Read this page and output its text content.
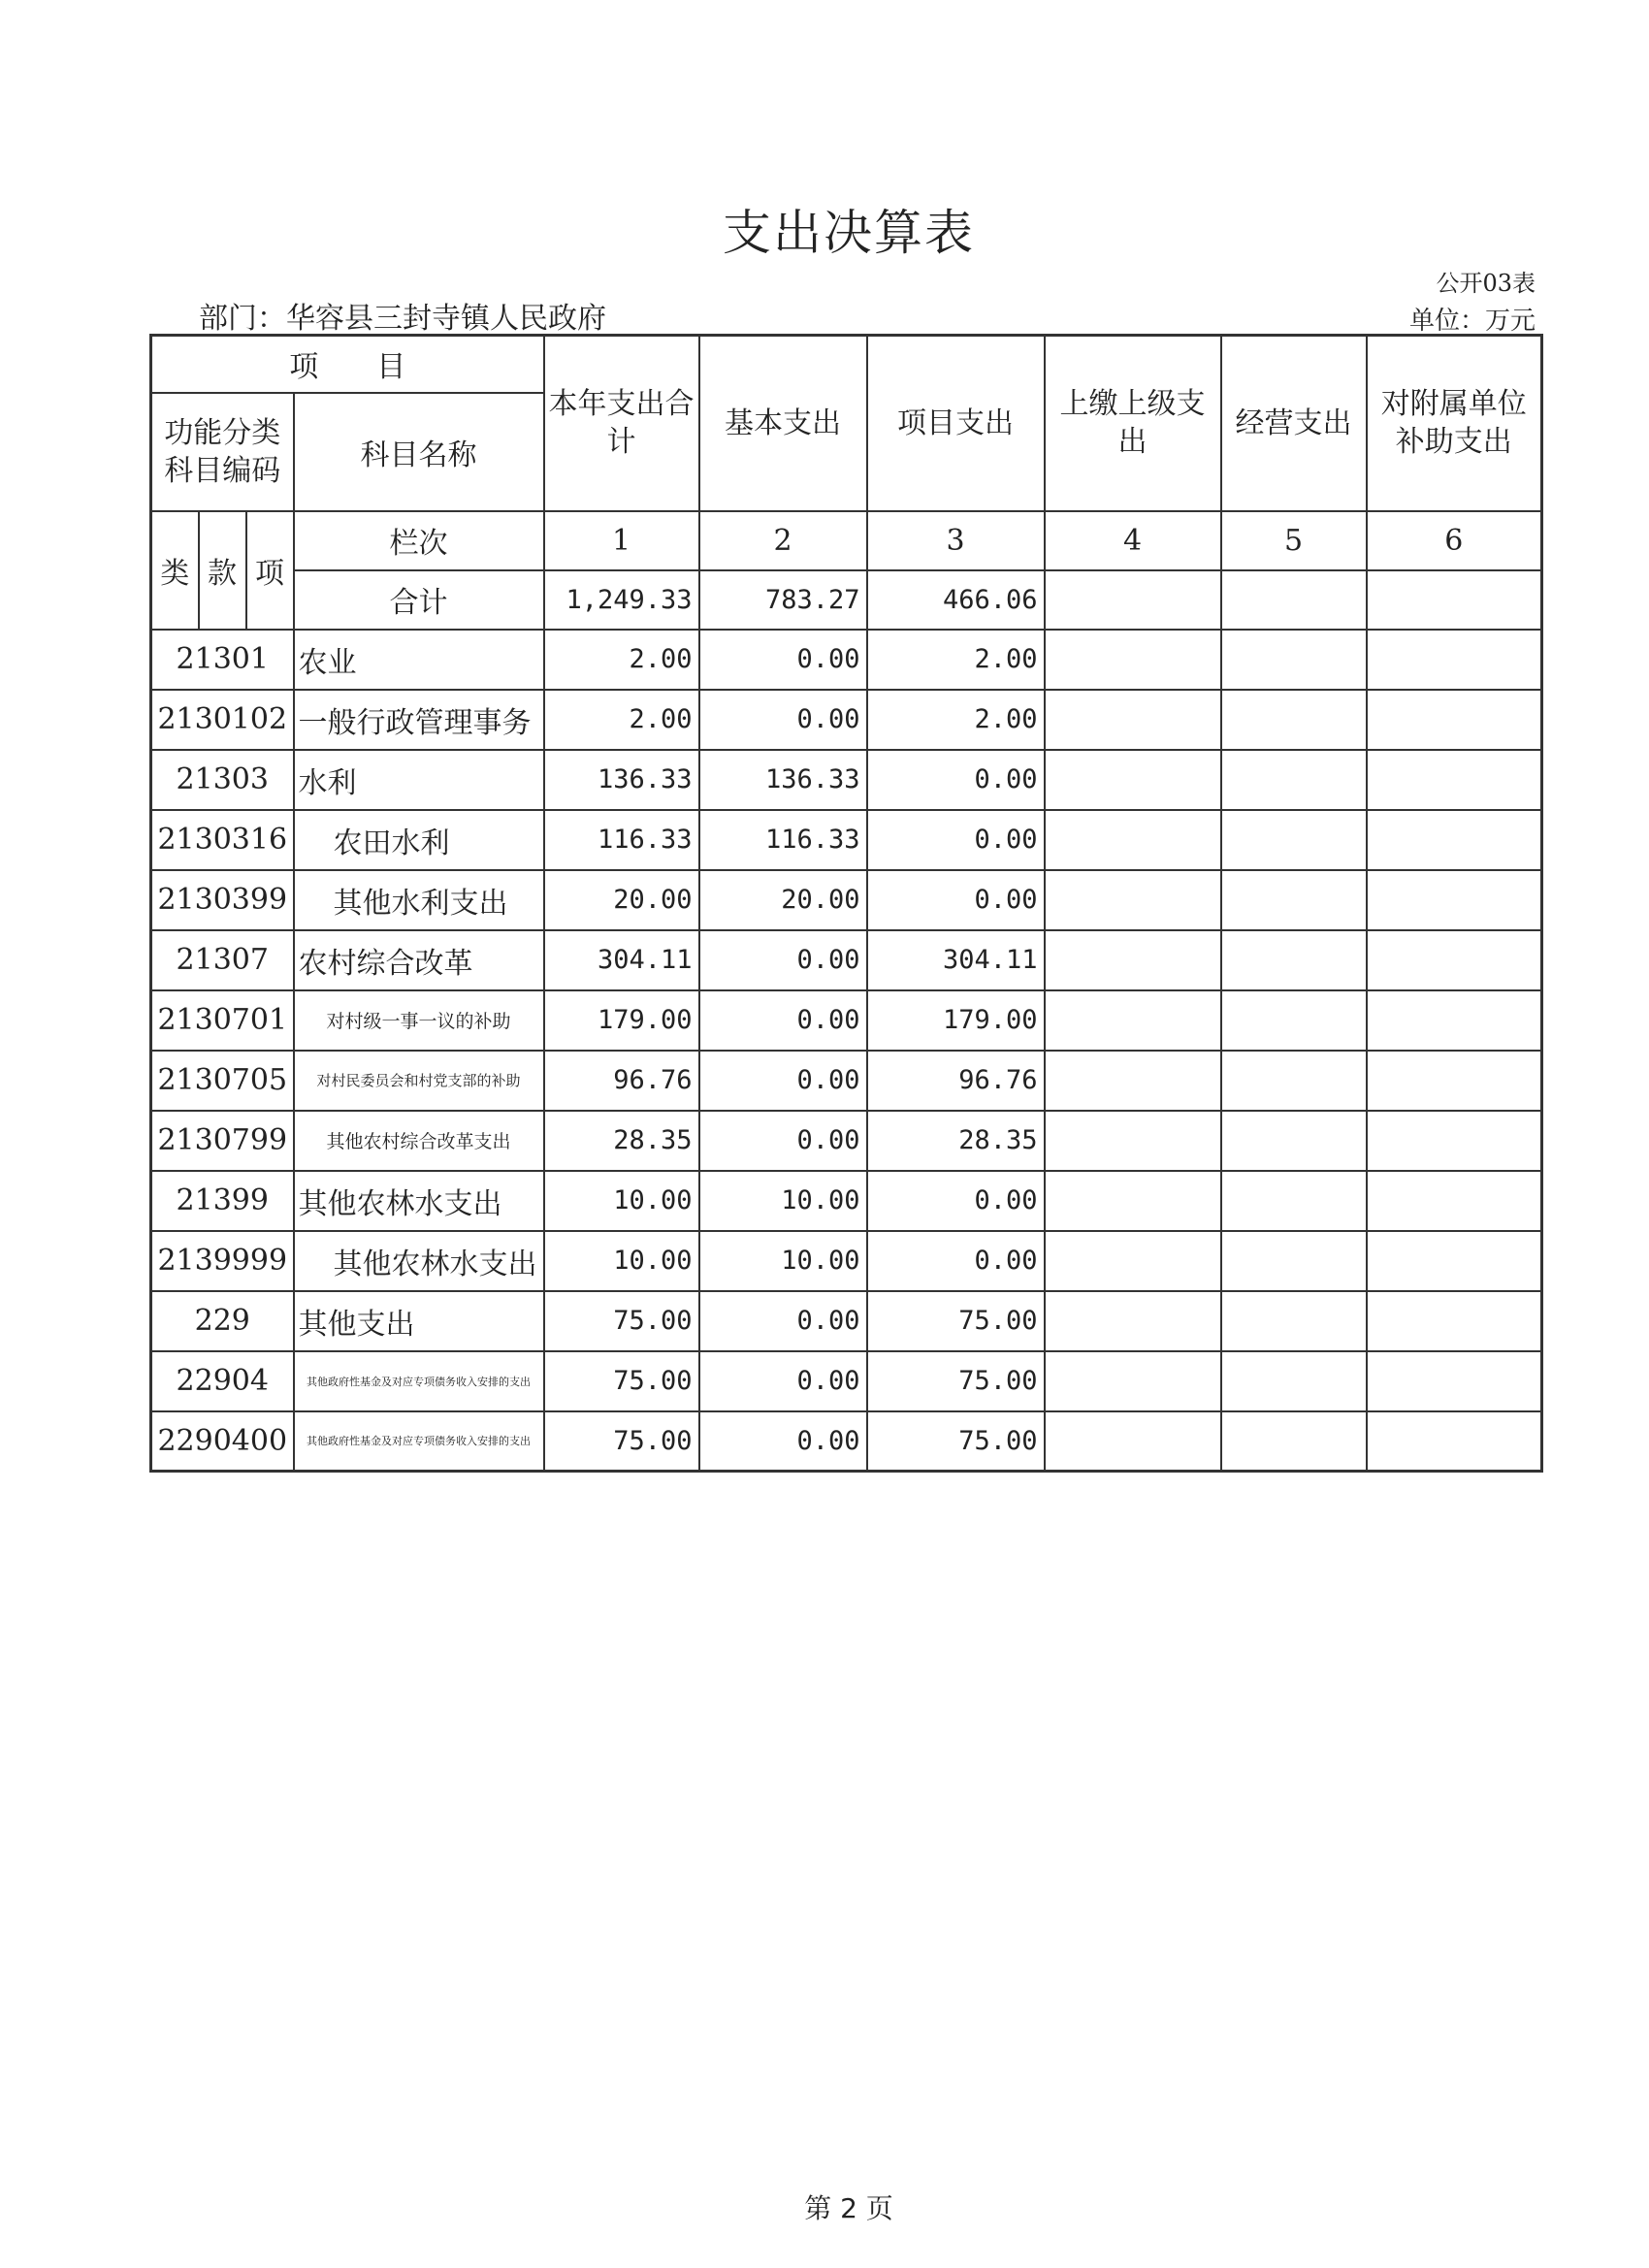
支出决算表
部门：华容县三封寺镇人民政府
公开03表
单位：万元
项　　目				本年支出合计	基本支出	项目支出	上缴上级支出	经营支出	对附属单位补助支出
功能分类科目编码			科目名称						
类	款	项	栏次	1	2	3	4	5	6
			合计	1,249.33	783.27	466.06			
21301			农业	2.00	0.00	2.00			
2130102			一般行政管理事务	2.00	0.00	2.00			
21303			水利	136.33	136.33	0.00			
2130316			农田水利	116.33	116.33	0.00			
2130399			其他水利支出	20.00	20.00	0.00			
21307			农村综合改革	304.11	0.00	304.11			
2130701			对村级一事一议的补助	179.00	0.00	179.00			
2130705			对村民委员会和村党支部的补助	96.76	0.00	96.76			
2130799			其他农村综合改革支出	28.35	0.00	28.35			
21399			其他农林水支出	10.00	10.00	0.00			
2139999			其他农林水支出	10.00	10.00	0.00			
229			其他支出	75.00	0.00	75.00			
22904			其他政府性基金及对应专项债务收入安排的支出	75.00	0.00	75.00			
2290400			其他政府性基金及对应专项债务收入安排的支出	75.00	0.00	75.00			
第 2 页
